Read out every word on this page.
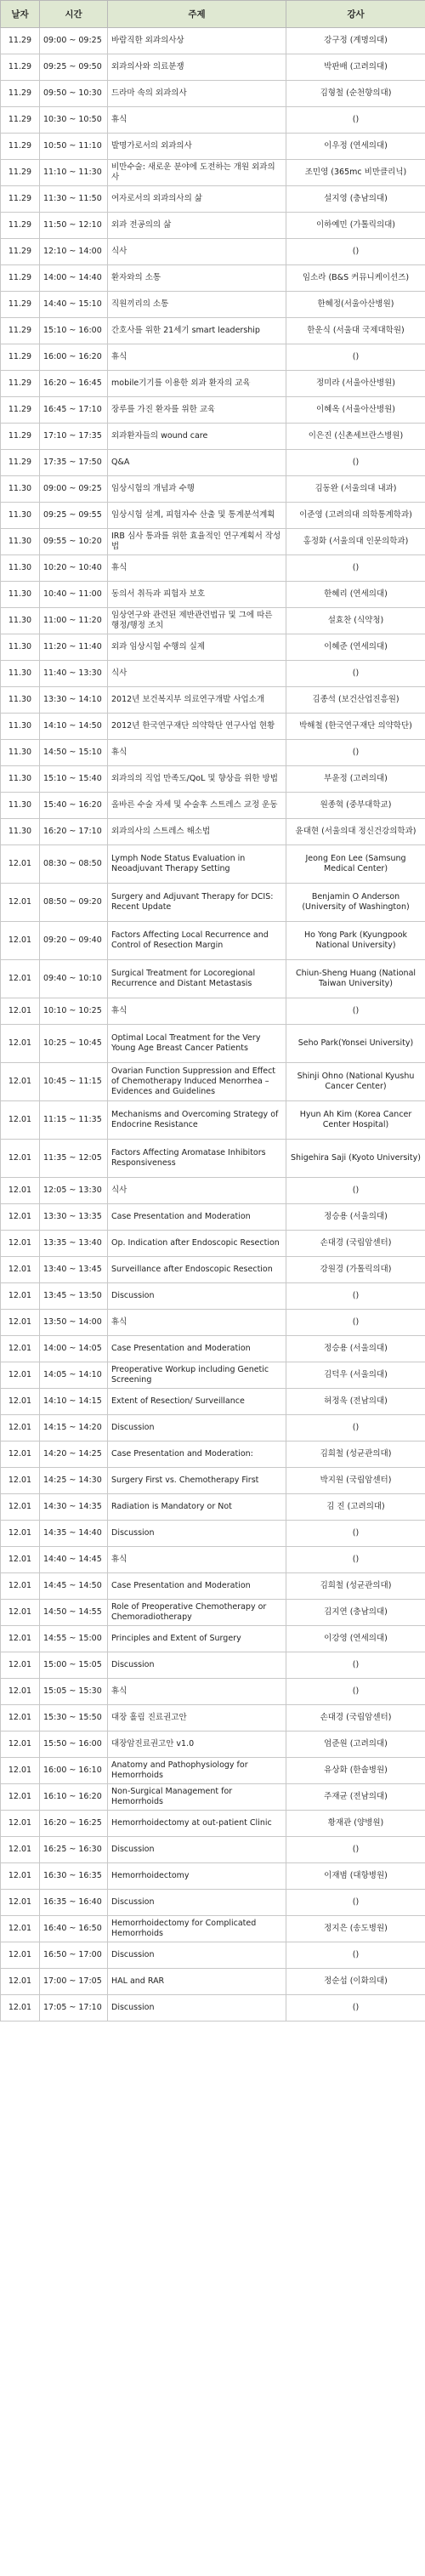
날자	시간	주제	강사
11.29	09:00 ~ 09:25	바람직한 외과의사상	강구정 (계명의대)
11.29	09:25 ~ 09:50	외과의사와 의료분쟁	박판배 (고려의대)
11.29	09:50 ~ 10:30	드라마 속의 외과의사	김형철 (순천향의대)
11.29	10:30 ~ 10:50	휴식	()
11.29	10:50 ~ 11:10	발명가로서의 외과의사	이우정 (연세의대)
11.29	11:10 ~ 11:30	비만수술: 새로운 분야에 도전하는 개원 외과의사	조민영 (365mc 비만클리닉)
11.29	11:30 ~ 11:50	여자로서의 외과의사의 삶	설지영 (충남의대)
11.29	11:50 ~ 12:10	외과 전공의의 삶	이하예민 (가톨릭의대)
11.29	12:10 ~ 14:00	식사	()
11.29	14:00 ~ 14:40	환자와의 소통	임소라 (B&S 커뮤니케이션즈)
11.29	14:40 ~ 15:10	직원끼리의 소통	한혜정(서울아산병원)
11.29	15:10 ~ 16:00	간호사를 위한 21세기 smart leadership	한운식 (서울대 국제대학원)
11.29	16:00 ~ 16:20	휴식	()
11.29	16:20 ~ 16:45	mobile기기를 이용한 외과 환자의 교육	정미라 (서울아산병원)
11.29	16:45 ~ 17:10	장루를 가진 환자를 위한 교육	이혜옥 (서울아산병원)
11.29	17:10 ~ 17:35	외과환자들의 wound care	이은진 (신촌세브란스병원)
11.29	17:35 ~ 17:50	Q&A	()
11.30	09:00 ~ 09:25	임상시험의 개념과 수행	김동완 (서울의대 내과)
11.30	09:25 ~ 09:55	임상시험 설계, 피험자수 산출 및 통계분석계획	이준영 (고려의대 의학통계학과)
11.30	09:55 ~ 10:20	IRB 심사 통과를 위한 효율적인 연구계획서 작성법	홍정화 (서울의대 인문의학과)
11.30	10:20 ~ 10:40	휴식	()
11.30	10:40 ~ 11:00	동의서 취득과 피험자 보호	한혜리 (연세의대)
11.30	11:00 ~ 11:20	임상연구와 관련된 제반관련법규 및 그에 따른 행정/행정 조치	설효찬 (식약청)
11.30	11:20 ~ 11:40	외과 임상시험 수행의 실제	이혜준 (연세의대)
11.30	11:40 ~ 13:30	식사	()
11.30	13:30 ~ 14:10	2012년 보건복지부 의료연구개발 사업소개	김종석 (보건산업진흥원)
11.30	14:10 ~ 14:50	2012년 한국연구재단 의약학단 연구사업 현황	박해철 (한국연구재단 의약학단)
11.30	14:50 ~ 15:10	휴식	()
11.30	15:10 ~ 15:40	외과의의 직업 만족도/QoL 및 향상을 위한 방법	부윤정 (고려의대)
11.30	15:40 ~ 16:20	올바른 수술 자세 및 수술후 스트레스 교정 운동	원종혁 (중부대학교)
11.30	16:20 ~ 17:10	외과의사의 스트레스 해소법	윤대현 (서울의대 정신건강의학과)
12.01	08:30 ~ 08:50	Lymph Node Status Evaluation in Neoadjuvant Therapy Setting	Jeong Eon Lee (Samsung Medical Center)
12.01	08:50 ~ 09:20	Surgery and Adjuvant Therapy for DCIS: Recent Update	Benjamin O Anderson (University of Washington)
12.01	09:20 ~ 09:40	Factors Affecting Local Recurrence and Control of Resection Margin	Ho Yong Park (Kyungpook National University)
12.01	09:40 ~ 10:10	Surgical Treatment for Locoregional Recurrence and Distant Metastasis	Chiun-Sheng Huang (National Taiwan University)
12.01	10:10 ~ 10:25	휴식	()
12.01	10:25 ~ 10:45	Optimal Local Treatment for the Very Young Age Breast Cancer Patients	Seho Park(Yonsei University)
12.01	10:45 ~ 11:15	Ovarian Function Suppression and Effect of Chemotherapy Induced Menorrhea – Evidences and Guidelines	Shinji Ohno (National Kyushu Cancer Center)
12.01	11:15 ~ 11:35	Mechanisms and Overcoming Strategy of Endocrine Resistance	Hyun Ah Kim (Korea Cancer Center Hospital)
12.01	11:35 ~ 12:05	Factors Affecting Aromatase Inhibitors Responsiveness	Shigehira Saji (Kyoto University)
12.01	12:05 ~ 13:30	식사	()
12.01	13:30 ~ 13:35	Case Presentation and Moderation	정승용 (서울의대)
12.01	13:35 ~ 13:40	Op. Indication after Endoscopic Resection	손대경 (국립암센터)
12.01	13:40 ~ 13:45	Surveillance after Endoscopic Resection	강원경 (가톨릭의대)
12.01	13:45 ~ 13:50	Discussion	()
12.01	13:50 ~ 14:00	휴식	()
12.01	14:00 ~ 14:05	Case Presentation and Moderation	정승용 (서울의대)
12.01	14:05 ~ 14:10	Preoperative Workup including Genetic Screening	김덕우 (서울의대)
12.01	14:10 ~ 14:15	Extent of Resection/ Surveillance	허정욱 (전남의대)
12.01	14:15 ~ 14:20	Discussion	()
12.01	14:20 ~ 14:25	Case Presentation and Moderation:	김희철 (성균관의대)
12.01	14:25 ~ 14:30	Surgery First vs. Chemotherapy First	박지원 (국립암센터)
12.01	14:30 ~ 14:35	Radiation is Mandatory or Not	김 진 (고려의대)
12.01	14:35 ~ 14:40	Discussion	()
12.01	14:40 ~ 14:45	휴식	()
12.01	14:45 ~ 14:50	Case Presentation and Moderation	김희철 (성균관의대)
12.01	14:50 ~ 14:55	Role of Preoperative Chemotherapy or Chemoradiotherapy	김지연 (충남의대)
12.01	14:55 ~ 15:00	Principles and Extent of Surgery	이강영 (연세의대)
12.01	15:00 ~ 15:05	Discussion	()
12.01	15:05 ~ 15:30	휴식	()
12.01	15:30 ~ 15:50	대장 홀림 진료권고안	손대경 (국립암센터)
12.01	15:50 ~ 16:00	대장암진료권고안 v1.0	엄준원 (고려의대)
12.01	16:00 ~ 16:10	Anatomy and Pathophysiology for Hemorrhoids	유상화 (한솔병원)
12.01	16:10 ~ 16:20	Non-Surgical Management for Hemorrhoids	주재균 (전남의대)
12.01	16:20 ~ 16:25	Hemorrhoidectomy at out-patient Clinic	황재관 (양병원)
12.01	16:25 ~ 16:30	Discussion	()
12.01	16:30 ~ 16:35	Hemorrhoidectomy	이재범 (대항병원)
12.01	16:35 ~ 16:40	Discussion	()
12.01	16:40 ~ 16:50	Hemorrhoidectomy for Complicated Hemorrhoids	정지은 (송도병원)
12.01	16:50 ~ 17:00	Discussion	()
12.01	17:00 ~ 17:05	HAL and RAR	정순섭 (이화의대)
12.01	17:05 ~ 17:10	Discussion	()
